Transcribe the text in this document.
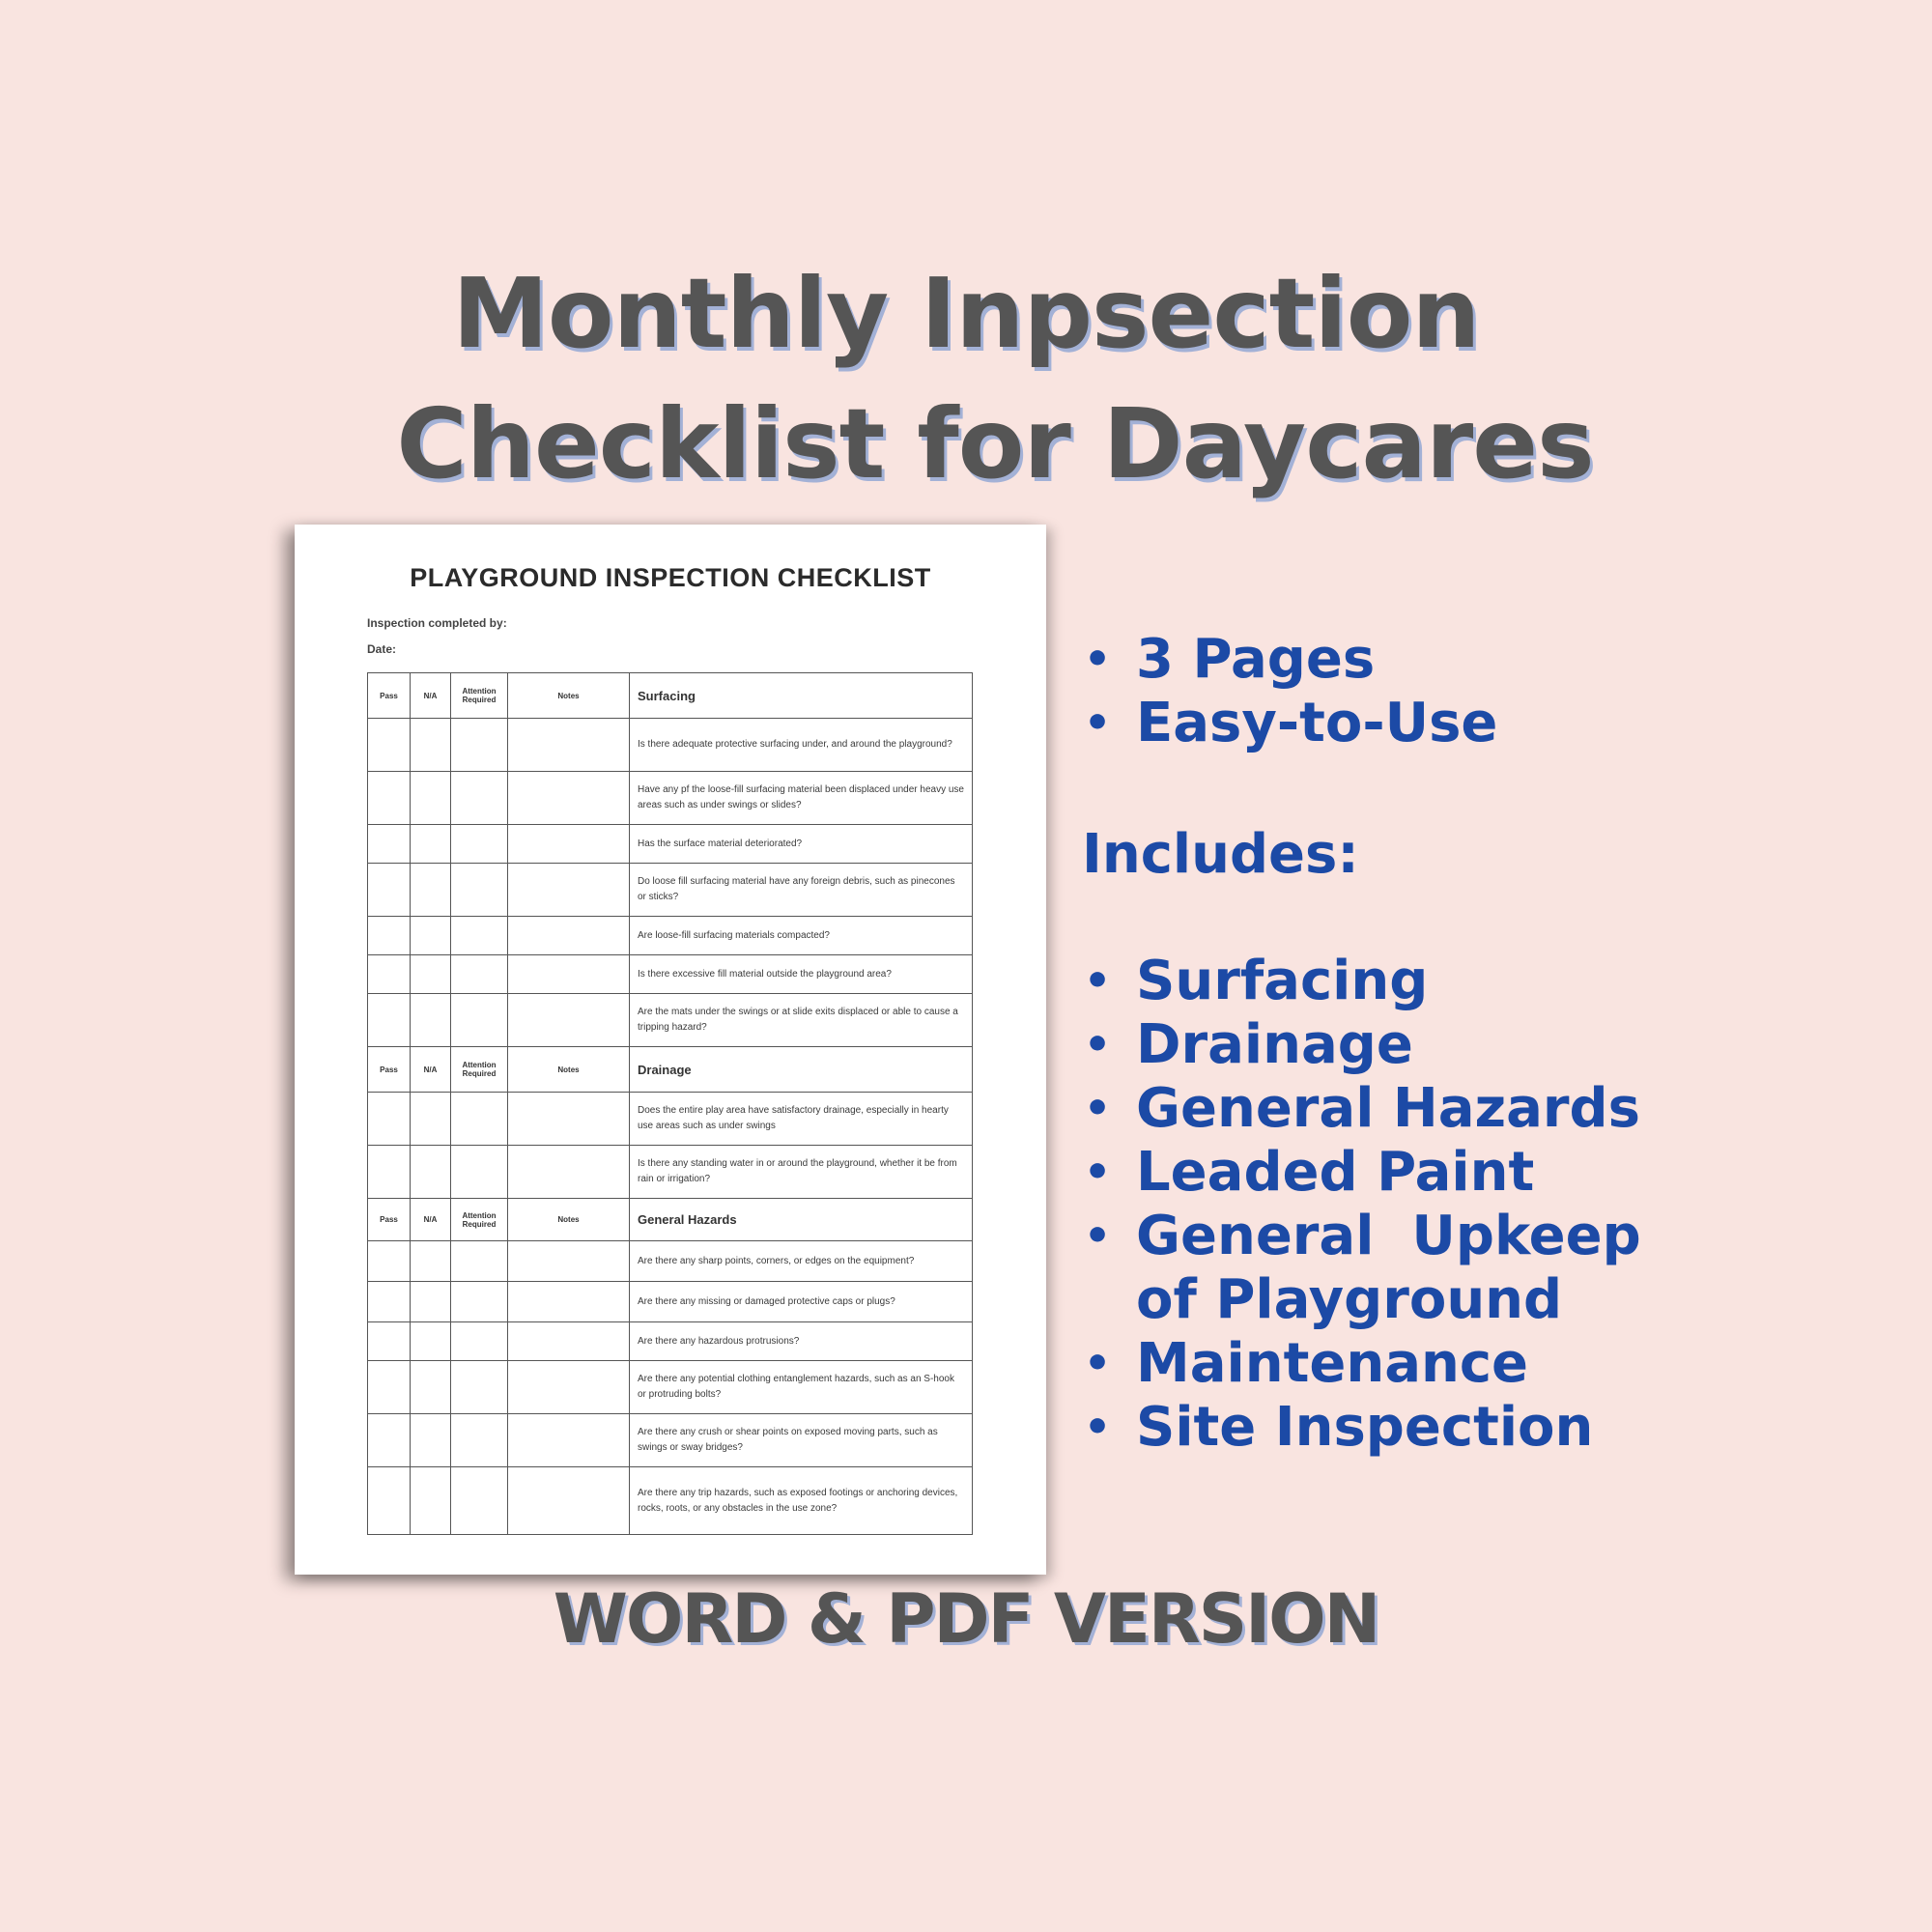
Monthly Inpsection
Checklist for Daycares
PLAYGROUND INSPECTION CHECKLIST
Inspection completed by:
Date:
Pass	N/A	Attention Required	Notes	Surfacing
				Is there adequate protective surfacing under, and around the playground?
				Have any pf the loose-fill surfacing material been displaced under heavy use areas such as under swings or slides?
				Has the surface material deteriorated?
				Do loose fill surfacing material have any foreign debris, such as pinecones or sticks?
				Are loose-fill surfacing materials compacted?
				Is there excessive fill material outside the playground area?
				Are the mats under the swings or at slide exits displaced or able to cause a tripping hazard?
Pass	N/A	Attention Required	Notes	Drainage
				Does the entire play area have satisfactory drainage, especially in hearty use areas such as under swings
				Is there any standing water in or around the playground, whether it be from rain or irrigation?
Pass	N/A	Attention Required	Notes	General Hazards
				Are there any sharp points, corners, or edges on the equipment?
				Are there any missing or damaged protective caps or plugs?
				Are there any hazardous protrusions?
				Are there any potential clothing entanglement hazards, such as an S-hook or protruding bolts?
				Are there any crush or shear points on exposed moving parts, such as swings or sway bridges?
				Are there any trip hazards, such as exposed footings or anchoring devices, rocks, roots, or any obstacles in the use zone?
• 3 Pages
• Easy-to-Use
Includes:
• Surfacing
• Drainage
• General Hazards
• Leaded Paint
• General  Upkeep
of Playground
• Maintenance
• Site Inspection
WORD & PDF VERSION
